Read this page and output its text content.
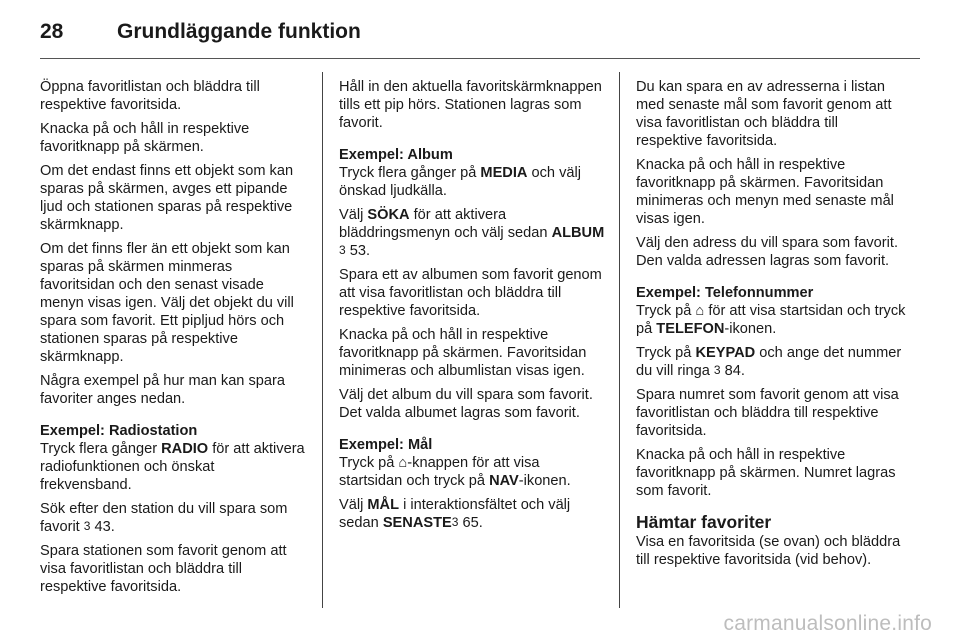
28	Grundläggande funktion

Öppna favoritlistan och bläddra till respektive favoritsida.

Knacka på och håll in respektive favoritknapp på skärmen.

Om det endast finns ett objekt som kan sparas på skärmen, avges ett pipande ljud och stationen sparas på respektive skärmknapp.

Om det finns fler än ett objekt som kan sparas på skärmen minmeras favoritsidan och den senast visade menyn visas igen. Välj det objekt du vill spara som favorit. Ett pipljud hörs och stationen sparas på respektive skärmknapp.

Några exempel på hur man kan spara favoriter anges nedan.

Exempel: Radiostation

Tryck flera gånger RADIO för att aktivera radiofunktionen och önskat frekvensband.

Sök efter den station du vill spara som favorit 3 43.

Spara stationen som favorit genom att visa favoritlistan och bläddra till respektive favoritsida.

Håll in den aktuella favoritskärmknappen tills ett pip hörs. Stationen lagras som favorit.

Exempel: Album

Tryck flera gånger på MEDIA och välj önskad ljudkälla.

Välj SÖKA för att aktivera bläddringsmenyn och välj sedan ALBUM
3 53.

Spara ett av albumen som favorit genom att visa favoritlistan och bläddra till respektive favoritsida.

Knacka på och håll in respektive favoritknapp på skärmen. Favoritsidan minimeras och albumlistan visas igen.

Välj det album du vill spara som favorit. Det valda albumet lagras som favorit.

Exempel: Mål

Tryck på ⌂-knappen för att visa startsidan och tryck på NAV-ikonen.

Välj MÅL i interaktionsfältet och välj sedan SENASTE3 65.

Du kan spara en av adresserna i listan med senaste mål som favorit genom att visa favoritlistan och bläddra till respektive favoritsida.

Knacka på och håll in respektive favoritknapp på skärmen. Favoritsidan minimeras och menyn med senaste mål visas igen.

Välj den adress du vill spara som favorit. Den valda adressen lagras som favorit.

Exempel: Telefonnummer

Tryck på ⌂ för att visa startsidan och tryck på TELEFON-ikonen.

Tryck på KEYPAD och ange det nummer du vill ringa 3 84.

Spara numret som favorit genom att visa favoritlistan och bläddra till respektive favoritsida.

Knacka på och håll in respektive favoritknapp på skärmen. Numret lagras som favorit.

Hämtar favoriter

Visa en favoritsida (se ovan) och bläddra till respektive favoritsida (vid behov).

carmanualsonline.info
